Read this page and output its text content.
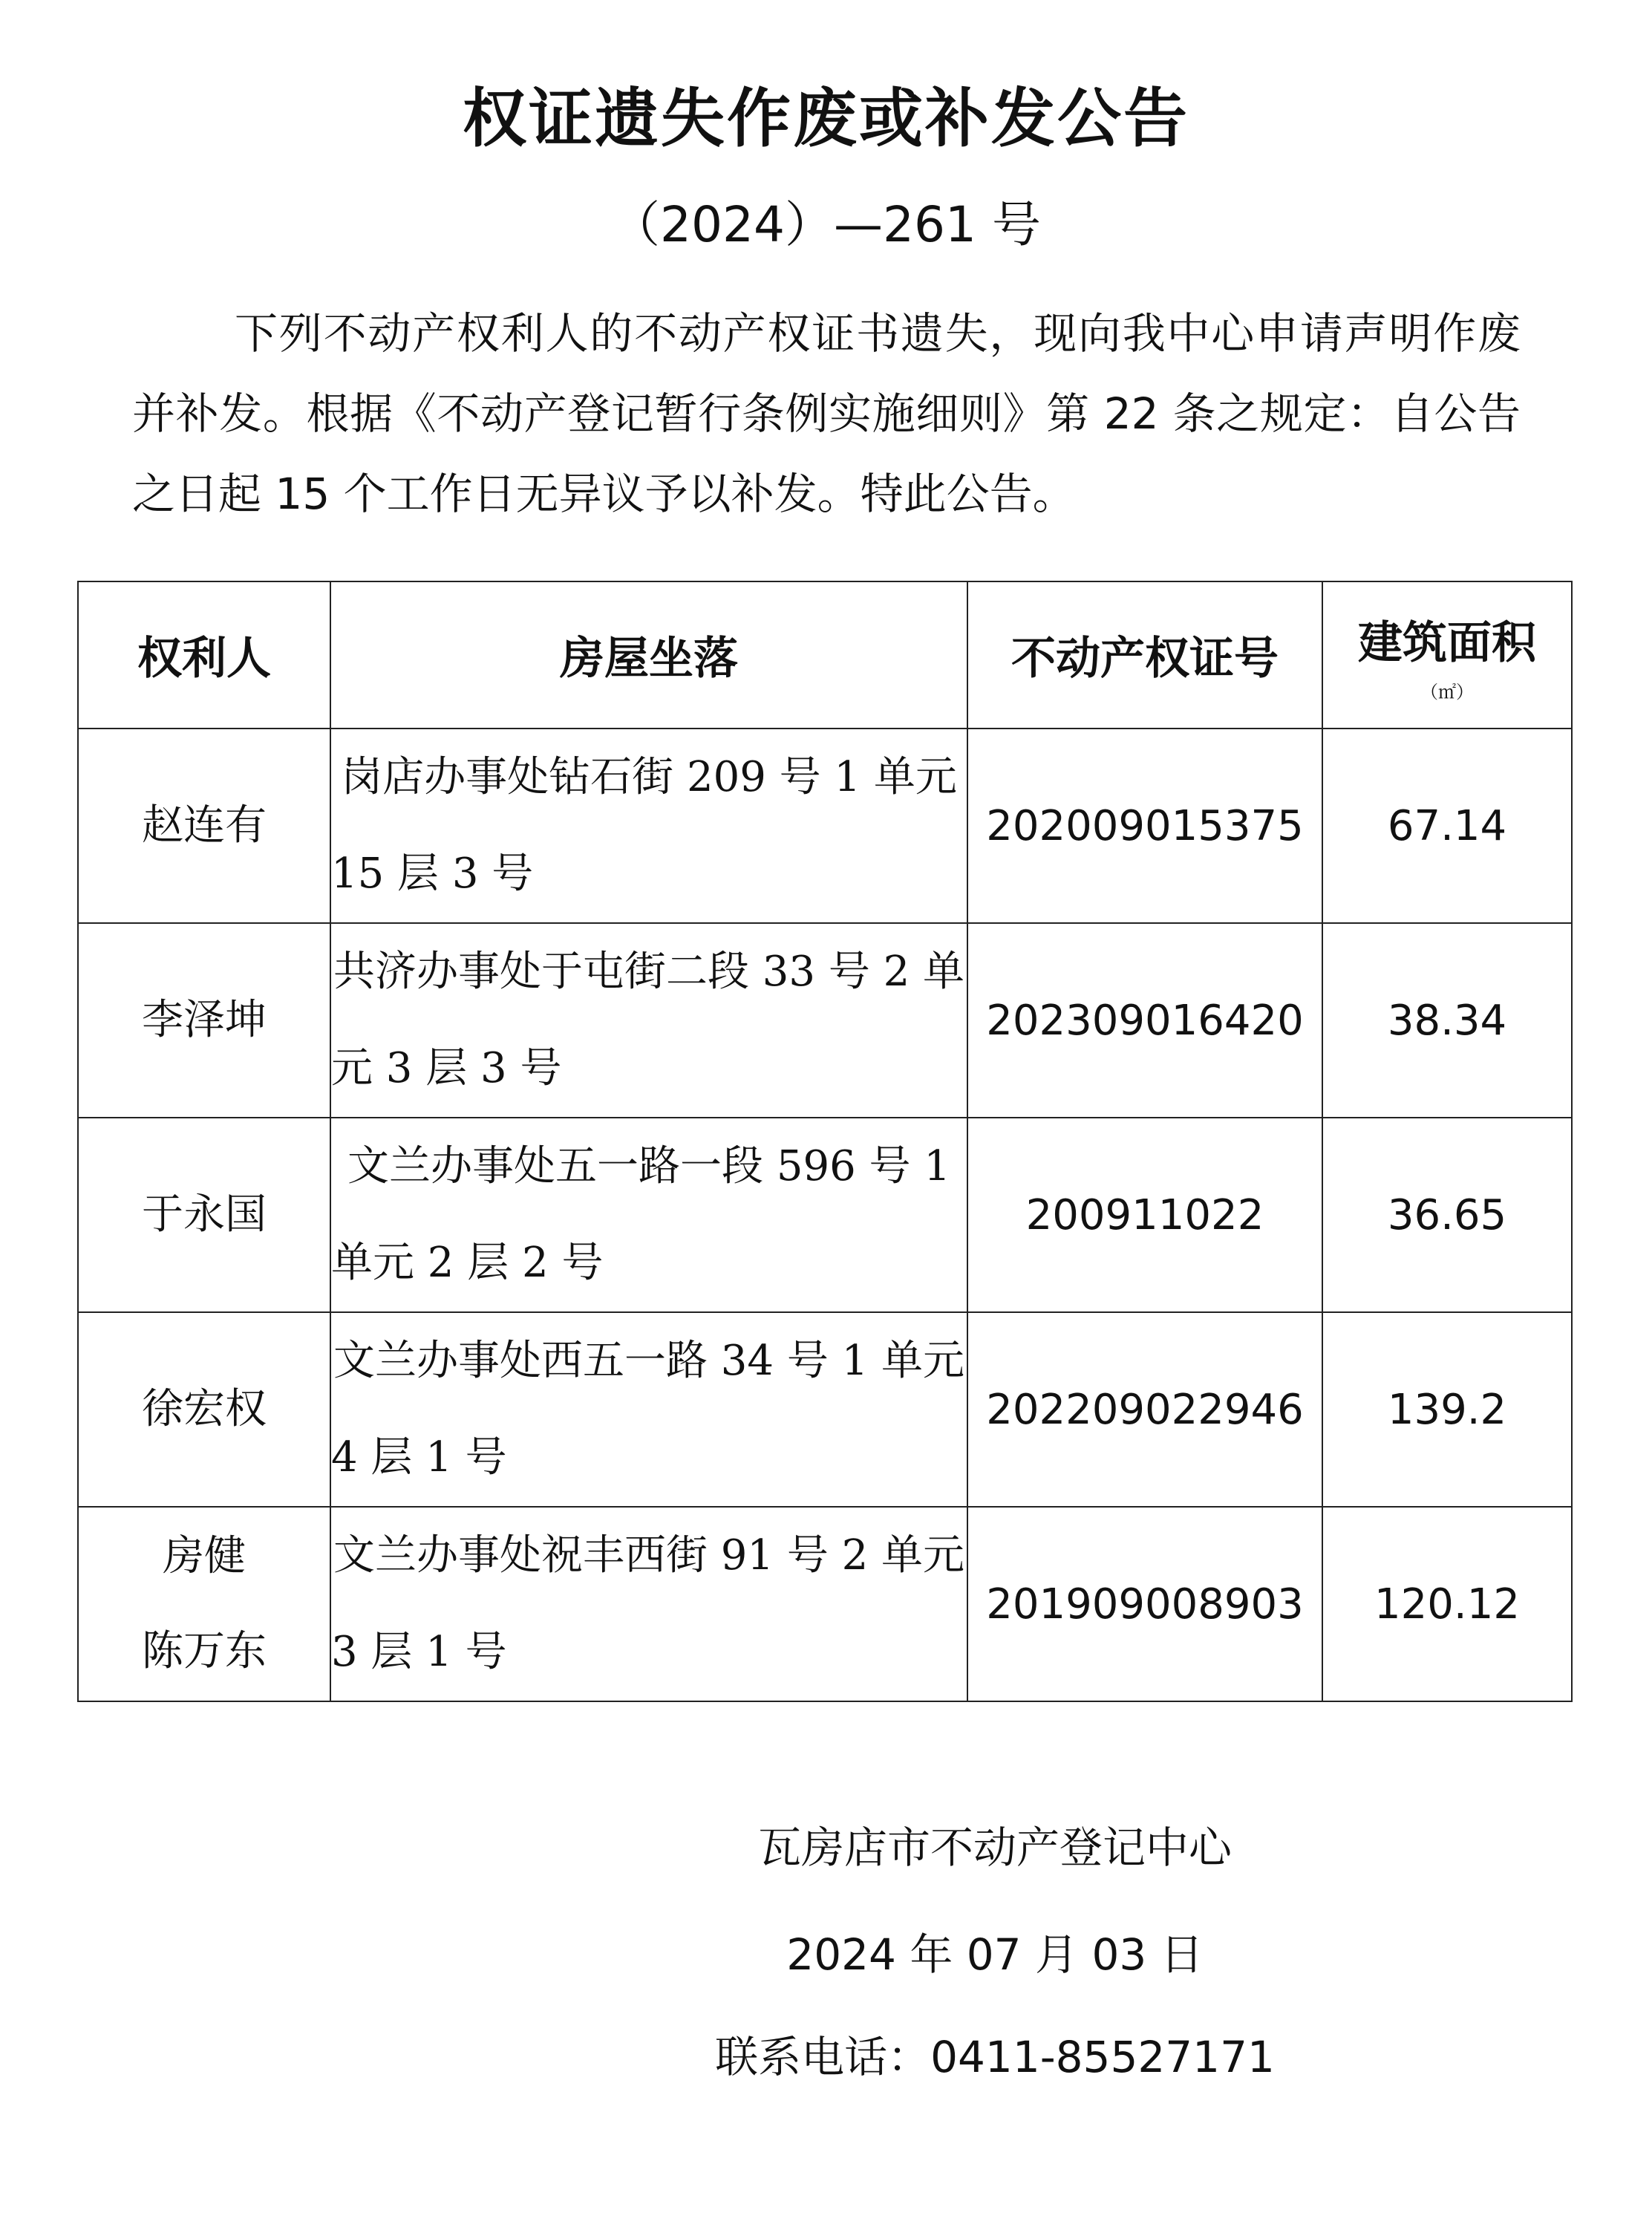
权证遗失作废或补发公告

（2024）—261 号

下列不动产权利人的不动产权证书遗失，现向我中心申请声明作废并补发。根据《不动产登记暂行条例实施细则》第 22 条之规定：自公告之日起 15 个工作日无异议予以补发。特此公告。

权利人	房屋坐落	不动产权证号	建筑面积
（㎡）

赵连有	岗店办事处钻石街 209 号 1 单元 15 层 3 号	202009015375	67.14
李泽坤	共济办事处于屯街二段 33 号 2 单元 3 层 3 号	202309016420	38.34
于永国	文兰办事处五一路一段 596 号 1 单元 2 层 2 号	200911022	36.65
徐宏权	文兰办事处西五一路 34 号 1 单元 4 层 1 号	202209022946	139.2

房健
陈万东	文兰办事处祝丰西街 91 号 2 单元 3 层 1 号	201909008903	120.12

瓦房店市不动产登记中心

2024 年 07 月 03 日

联系电话：0411-85527171
